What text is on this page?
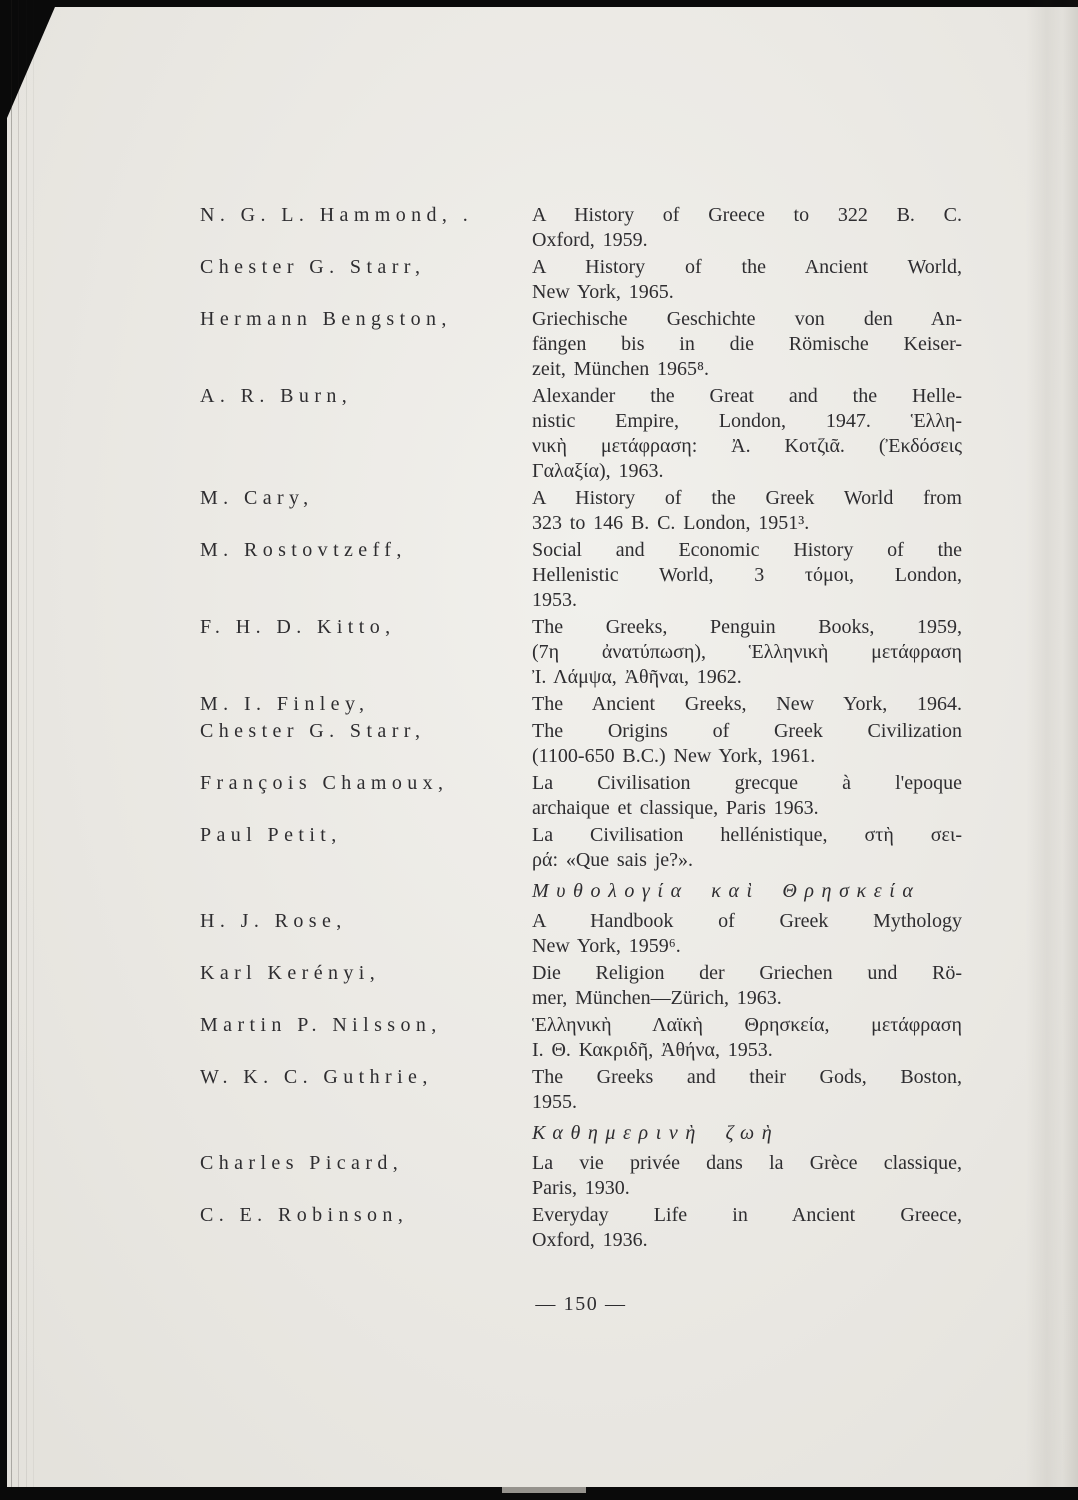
N. G. L. Hammond, .	A History of Greece to 322 B. C.
Oxford, 1959.
Chester G. Starr,	A History of the Ancient World,
New York, 1965.
Hermann Bengston,	Griechische Geschichte von den An-
fängen bis in die Römische Keiser-
zeit, München 1965⁸.
A. R. Burn,	Alexander the Great and the Helle-
nistic Empire, London, 1947. Ἑλλη-
νικὴ μετάφραση: Ἀ. Κοτζιᾶ. (Ἐκδόσεις
Γαλαξία), 1963.
M. Cary,	A History of the Greek World from
323 to 146 B. C. London, 1951³.
M. Rostovtzeff,	Social and Economic History of the
Hellenistic World, 3 τόμοι, London,
1953.
F. H. D. Kitto,	The Greeks, Penguin Books, 1959,
(7η ἀνατύπωση), Ἑλληνικὴ μετάφραση
Ἰ. Λάμψα, Ἀθῆναι, 1962.
M. I. Finley,	The Ancient Greeks, New York, 1964.
Chester G. Starr,	The Origins of Greek Civilization
(1100-650 B.C.) New York, 1961.
François Chamoux,	La Civilisation grecque à l'epoque
archaique et classique, Paris 1963.
Paul Petit,	La Civilisation hellénistique, στὴ σει-
ρά: «Que sais je?».
Μυθολογία καὶ Θρησκεία
H. J. Rose,	A Handbook of Greek Mythology
New York, 1959⁶.
Karl Kerényi,	Die Religion der Griechen und Rö-
mer, München—Zürich, 1963.
Martin P. Nilsson,	Ἑλληνικὴ Λαϊκὴ Θρησκεία, μετάφραση
Ι. Θ. Κακριδῆ, Ἀθήνα, 1953.
W. K. C. Guthrie,	The Greeks and their Gods, Boston,
1955.
Καθημερινὴ ζωὴ
Charles Picard,	La vie privée dans la Grèce classique,
Paris, 1930.
C. E. Robinson,	Everyday Life in Ancient Greece,
Oxford, 1936.
— 150 —
